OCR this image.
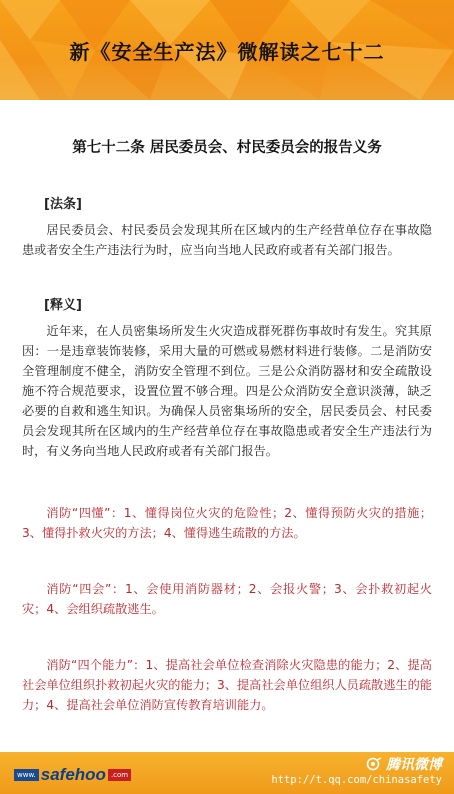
新《安全生产法》微解读之七十二
第七十二条 居民委员会、村民委员会的报告义务
[法条]

居民委员会、村民委员会发现其所在区域内的生产经营单位存在事故隐患或者安全生产违法行为时，应当向当地人民政府或者有关部门报告。

[释义]

近年来，在人员密集场所发生火灾造成群死群伤事故时有发生。究其原因：一是违章装饰装修，采用大量的可燃或易燃材料进行装修。二是消防安全管理制度不健全，消防安全管理不到位。三是公众消防器材和安全疏散设施不符合规范要求，设置位置不够合理。四是公众消防安全意识淡薄，缺乏必要的自救和逃生知识。为确保人员密集场所的安全，居民委员会、村民委员会发现其所在区域内的生产经营单位存在事故隐患或者安全生产违法行为时，有义务向当地人民政府或者有关部门报告。

消防“四懂”：1、懂得岗位火灾的危险性；2、懂得预防火灾的措施；3、懂得扑救火灾的方法；4、懂得逃生疏散的方法。

消防“四会”：1、会使用消防器材；2、会报火警；3、会扑救初起火灾；4、会组织疏散逃生。

消防“四个能力”：1、提高社会单位检查消除火灾隐患的能力；2、提高社会单位组织扑救初起火灾的能力；3、提高社会单位组织人员疏散逃生的能力；4、提高社会单位消防宣传教育培训能力。

www. safehoo .com
腾讯微博
http://t.qq.com/chinasafety
